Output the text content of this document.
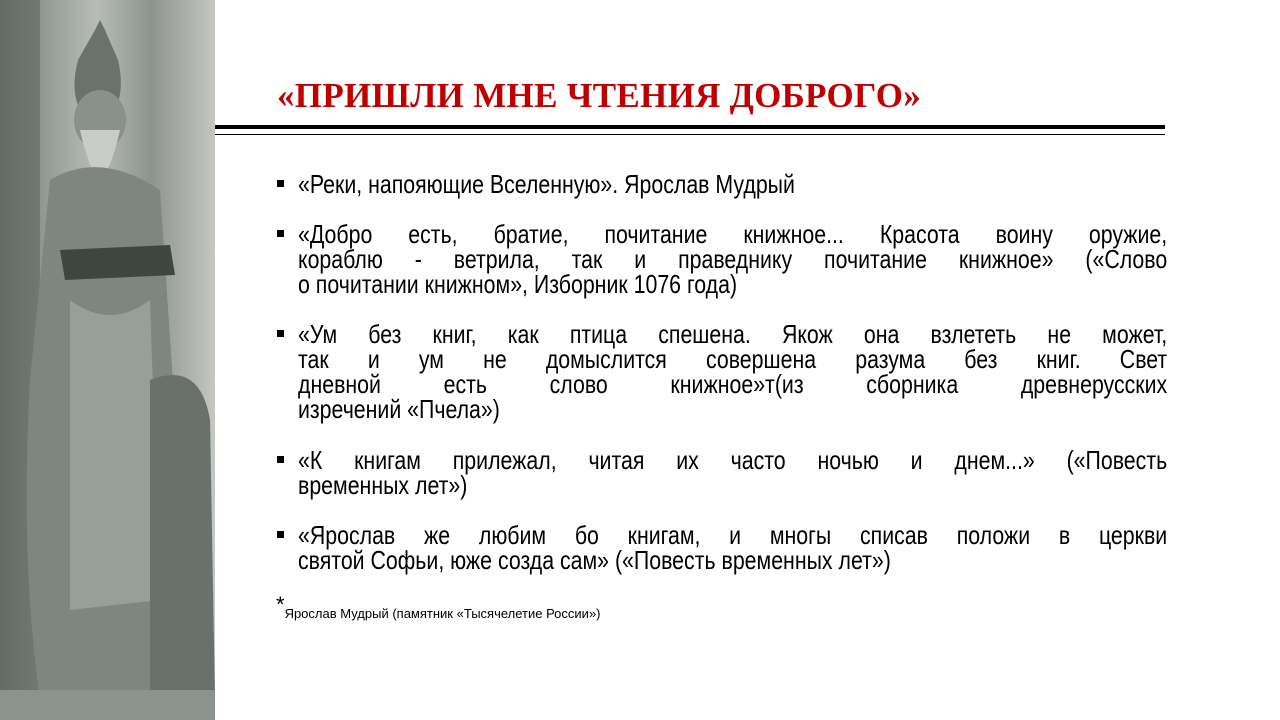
«ПРИШЛИ МНЕ ЧТЕНИЯ ДОБРОГО»
«Реки, напояющие Вселенную». Ярослав Мудрый
«Добро есть, братие, почитание книжное... Красота воину оружие,
кораблю - ветрила, так и праведнику почитание книжное» («Слово
о почитании книжном», Изборник 1076 года)
«Ум без книг, как птица спешена. Якож она взлететь не может,
так и ум не домыслится совершена разума без книг. Свет
дневной есть слово книжное»т(из сборника древнерусских
изречений «Пчела»)
«К книгам прилежал, читая их часто ночью и днем...» («Повесть
временных лет»)
«Ярослав же любим бо книгам, и многы списав положи в церкви
святой Софьи, юже созда сам» («Повесть временных лет»)
*Ярослав Мудрый (памятник «Тысячелетие России»)
